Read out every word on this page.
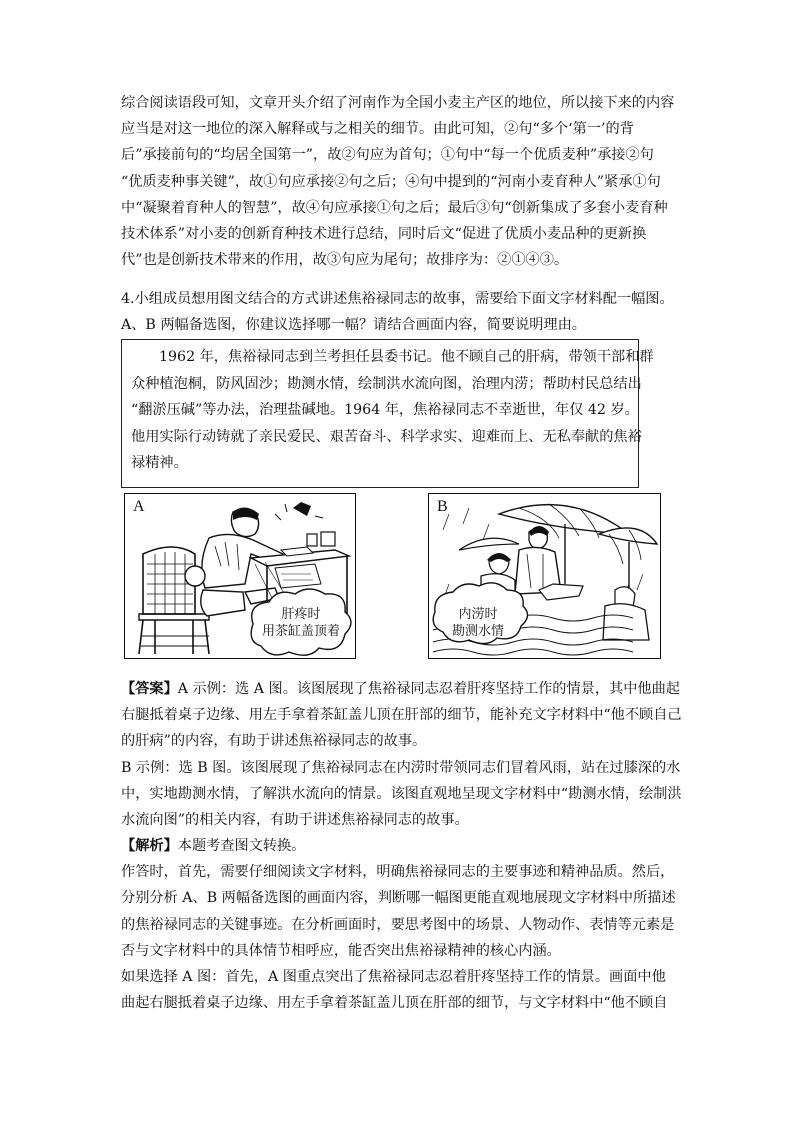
综合阅读语段可知，文章开头介绍了河南作为全国小麦主产区的地位，所以接下来的内容
应当是对这一地位的深入解释或与之相关的细节。由此可知，②句“多个‘第一’的背
后”承接前句的“均居全国第一”，故②句应为首句；①句中“每一个优质麦种”承接②句
“优质麦种事关键”，故①句应承接②句之后；④句中提到的“河南小麦育种人”紧承①句
中“凝聚着育种人的智慧”，故④句应承接①句之后；最后③句“创新集成了多套小麦育种
技术体系”对小麦的创新育种技术进行总结，同时后文“促进了优质小麦品种的更新换
代”也是创新技术带来的作用，故③句应为尾句；故排序为：②①④③。
4.小组成员想用图文结合的方式讲述焦裕禄同志的故事，需要给下面文字材料配一幅图。
A、B 两幅备选图，你建议选择哪一幅？请结合画面内容，简要说明理由。
1962 年，焦裕禄同志到兰考担任县委书记。他不顾自己的肝病，带领干部和群
众种植泡桐，防风固沙；勘测水情，绘制洪水流向图，治理内涝；帮助村民总结出
“翻淤压碱”等办法，治理盐碱地。1964 年，焦裕禄同志不幸逝世，年仅 42 岁。
他用实际行动铸就了亲民爱民、艰苦奋斗、科学求实、迎难而上、无私奉献的焦裕
禄精神。
A
肝疼时
用茶缸盖顶着
B
内涝时
勘测水情
【答案】A 示例：选 A 图。该图展现了焦裕禄同志忍着肝疼坚持工作的情景，其中他曲起
右腿抵着桌子边缘、用左手拿着茶缸盖儿顶在肝部的细节，能补充文字材料中“他不顾自己
的肝病”的内容，有助于讲述焦裕禄同志的故事。
B 示例：选 B 图。该图展现了焦裕禄同志在内涝时带领同志们冒着风雨，站在过膝深的水
中，实地勘测水情，了解洪水流向的情景。该图直观地呈现文字材料中“勘测水情，绘制洪
水流向图”的相关内容，有助于讲述焦裕禄同志的故事。
【解析】本题考查图文转换。
作答时，首先，需要仔细阅读文字材料，明确焦裕禄同志的主要事迹和精神品质。然后，
分别分析 A、B 两幅备选图的画面内容，判断哪一幅图更能直观地展现文字材料中所描述
的焦裕禄同志的关键事迹。在分析画面时，要思考图中的场景、人物动作、表情等元素是
否与文字材料中的具体情节相呼应，能否突出焦裕禄精神的核心内涵。
如果选择 A 图：首先，A 图重点突出了焦裕禄同志忍着肝疼坚持工作的情景。画面中他
曲起右腿抵着桌子边缘、用左手拿着茶缸盖儿顶在肝部的细节，与文字材料中“他不顾自
